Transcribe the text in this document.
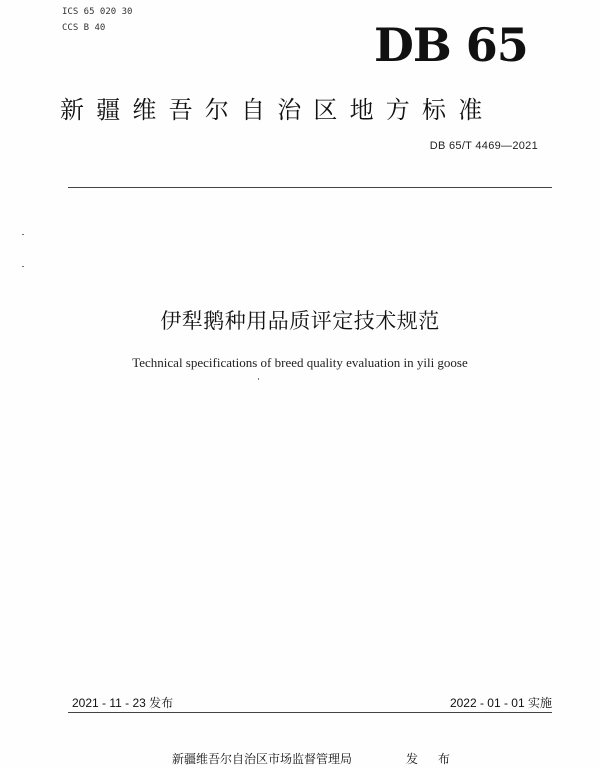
ICS 65 020 30
CCS B 40	DB 65
新疆维吾尔自治区地方标准
DB 65/T 4469—2021
伊犁鹅种用品质评定技术规范
Technical specifications of breed quality evaluation in yili goose
2021 - 11 - 23 发布	2022 - 01 - 01 实施
新疆维吾尔自治区市场监督管理局	发 布
